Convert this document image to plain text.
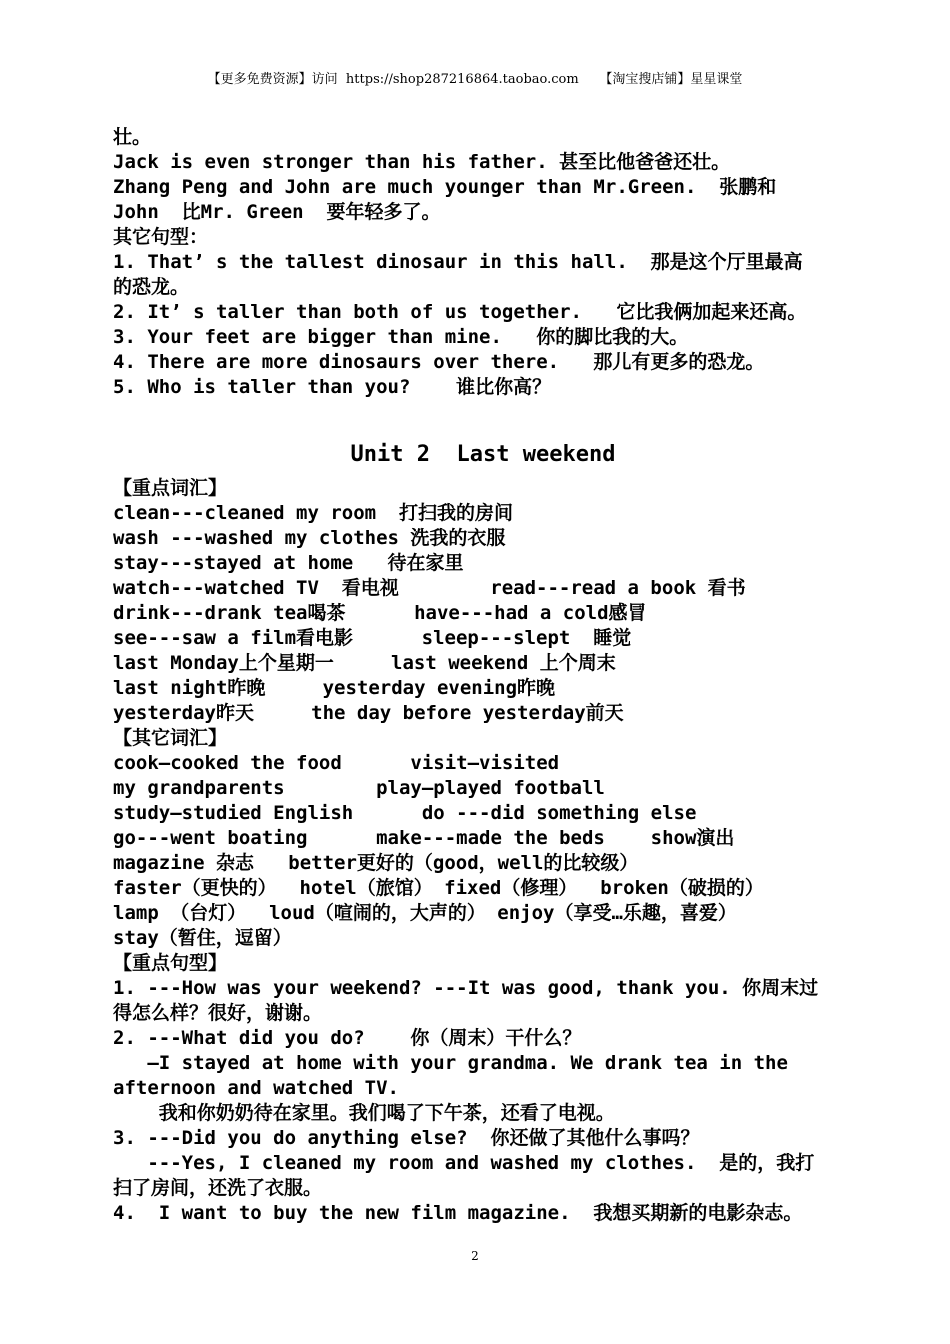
【更多免费资源】访问  https://shop287216864.taobao.com     【淘宝搜店铺】星星课堂
壮。
Jack is even stronger than his father. 甚至比他爸爸还壮。
Zhang Peng and John are much younger than Mr.Green.  张鹏和
John  比Mr. Green  要年轻多了。
其它句型：
1. That’ s the tallest dinosaur in this hall.  那是这个厅里最高
的恐龙。
2. It’ s taller than both of us together.   它比我俩加起来还高。
3. Your feet are bigger than mine.   你的脚比我的大。
4. There are more dinosaurs over there.   那儿有更多的恐龙。
5. Who is taller than you?    谁比你高？
Unit 2  Last weekend
【重点词汇】
clean---cleaned my room  打扫我的房间
wash ---washed my clothes 洗我的衣服
stay---stayed at home   待在家里
watch---watched TV  看电视        read---read a book 看书
drink---drank tea喝茶      have---had a cold感冒
see---saw a film看电影      sleep---slept  睡觉
last Monday上个星期一     last weekend 上个周末
last night昨晚     yesterday evening昨晚
yesterday昨天     the day before yesterday前天
【其它词汇】
cook—cooked the food      visit—visited
my grandparents        play—played football
study—studied English      do ---did something else
go---went boating      make---made the beds    show演出
magazine 杂志   better更好的（good，well的比较级）
faster（更快的）  hotel（旅馆） fixed（修理）  broken（破损的）
lamp （台灯）  loud（喧闹的，大声的） enjoy（享受…乐趣，喜爱）
stay（暂住，逗留）
【重点句型】
1. ---How was your weekend? ---It was good, thank you. 你周末过
得怎么样？很好，谢谢。
2. ---What did you do?    你（周末）干什么？
—I stayed at home with your grandma. We drank tea in the
afternoon and watched TV.
我和你奶奶待在家里。我们喝了下午茶，还看了电视。
3. ---Did you do anything else?  你还做了其他什么事吗？
---Yes, I cleaned my room and washed my clothes.  是的，我打
扫了房间，还洗了衣服。
4.  I want to buy the new film magazine.  我想买期新的电影杂志。
2
